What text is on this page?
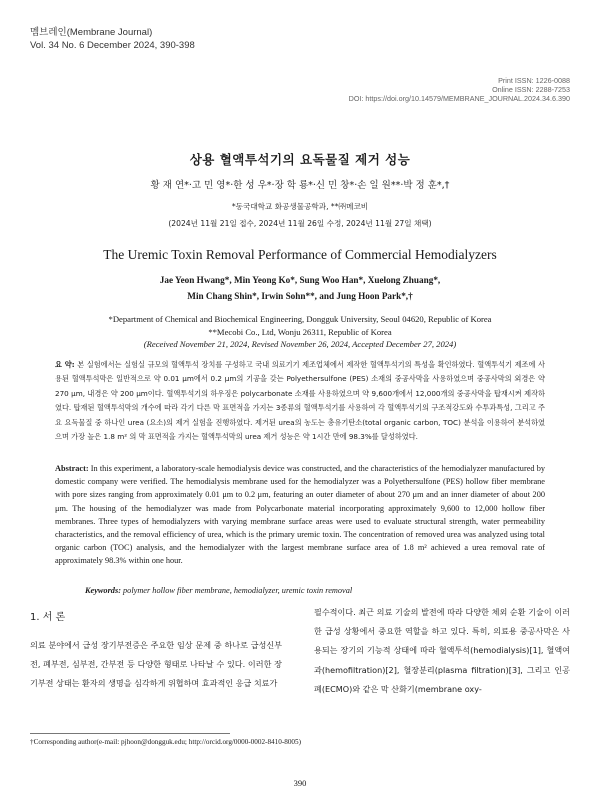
멤브레인(Membrane Journal)
Vol. 34 No. 6 December 2024, 390-398
Print ISSN: 1226-0088
Online ISSN: 2288-7253
DOI: https://doi.org/10.14579/MEMBRANE_JOURNAL.2024.34.6.390
상용 혈액투석기의 요독물질 제거 성능
황 재 연*·고 민 영*·한 성 우*·장 학 룡*·신 민 창*·손 일 원**·박 정 훈*,†
*동국대학교 화공생물공학과, **㈜메코비
(2024년 11월 21일 접수, 2024년 11월 26일 수정, 2024년 11월 27일 채택)
The Uremic Toxin Removal Performance of Commercial Hemodialyzers
Jae Yeon Hwang*, Min Yeong Ko*, Sung Woo Han*, Xuelong Zhuang*,
Min Chang Shin*, Irwin Sohn**, and Jung Hoon Park*,†
*Department of Chemical and Biochemical Engineering, Dongguk University, Seoul 04620, Republic of Korea
**Mecobi Co., Ltd, Wonju 26311, Republic of Korea
(Received November 21, 2024, Revised November 26, 2024, Accepted December 27, 2024)
요 약: 본 실험에서는 실험실 규모의 혈액투석 장치를 구성하고 국내 의료기기 제조업체에서 제작한 혈액투석기의 특성을 확인하였다. 혈액투석기 제조에 사용된 혈액투석막은 일반적으로 약 0.01 μm에서 0.2 μm의 기공을 갖는 Polyethersulfone (PES) 소재의 중공사막을 사용하였으며 중공사막의 외경은 약 270 μm, 내경은 약 200 μm이다. 혈액투석기의 하우징은 polycarbonate 소재를 사용하였으며 약 9,600개에서 12,000개의 중공사막을 탑재시켜 제작하였다. 탑재된 혈액투석막의 개수에 따라 각기 다른 막 표면적을 가지는 3종류의 혈액투석기를 사용하여 각 혈액투석기의 구조적강도와 수투과특성, 그리고 주요 요독물질 중 하나인 urea (요소)의 제거 실험을 진행하였다. 제거된 urea의 농도는 총유기탄소(total organic carbon, TOC) 분석을 이용하여 분석하였으며 가장 높은 1.8 m² 의 막 표면적을 가지는 혈액투석막의 urea 제거 성능은 약 1시간 만에 98.3%를 달성하였다.
Abstract: In this experiment, a laboratory-scale hemodialysis device was constructed, and the characteristics of the hemodialyzer manufactured by domestic company were verified. The hemodialysis membrane used for the hemodialyzer was a Polyethersulfone (PES) hollow fiber membrane with pore sizes ranging from approximately 0.01 μm to 0.2 μm, featuring an outer diameter of about 270 μm and an inner diameter of about 200 μm. The housing of the hemodialyzer was made from Polycarbonate material incorporating approximately 9,600 to 12,000 hollow fiber membranes. Three types of hemodialyzers with varying membrane surface areas were used to evaluate structural strength, water permeability characteristics, and the removal efficiency of urea, which is the primary uremic toxin. The concentration of removed urea was analyzed using total organic carbon (TOC) analysis, and the hemodialyzer with the largest membrane surface area of 1.8 m² achieved a urea removal rate of approximately 98.3% within one hour.
Keywords: polymer hollow fiber membrane, hemodialyzer, uremic toxin removal
1. 서 론
의료 분야에서 급성 장기부전증은 주요한 임상 문제 중 하나로 급성신부전, 폐부전, 심부전, 간부전 등 다양한 형태로 나타날 수 있다. 이러한 장기부전 상태는 환자의 생명을 심각하게 위협하며 효과적인 응급 치료가
필수적이다. 최근 의료 기술의 발전에 따라 다양한 체외 순환 기술이 이러한 급성 상황에서 중요한 역할을 하고 있다. 특히, 의료용 중공사막은 사용되는 장기의 기능적 상태에 따라 혈액투석(hemodialysis)[1], 혈액여과(hemofiltration)[2], 혈장분리(plasma filtration)[3], 그리고 인공 폐(ECMO)와 같은 막 산화기(membrane oxy-
†Corresponding author(e-mail: pjhoon@dongguk.edu; http://orcid.org/0000-0002-8410-8005)
390
